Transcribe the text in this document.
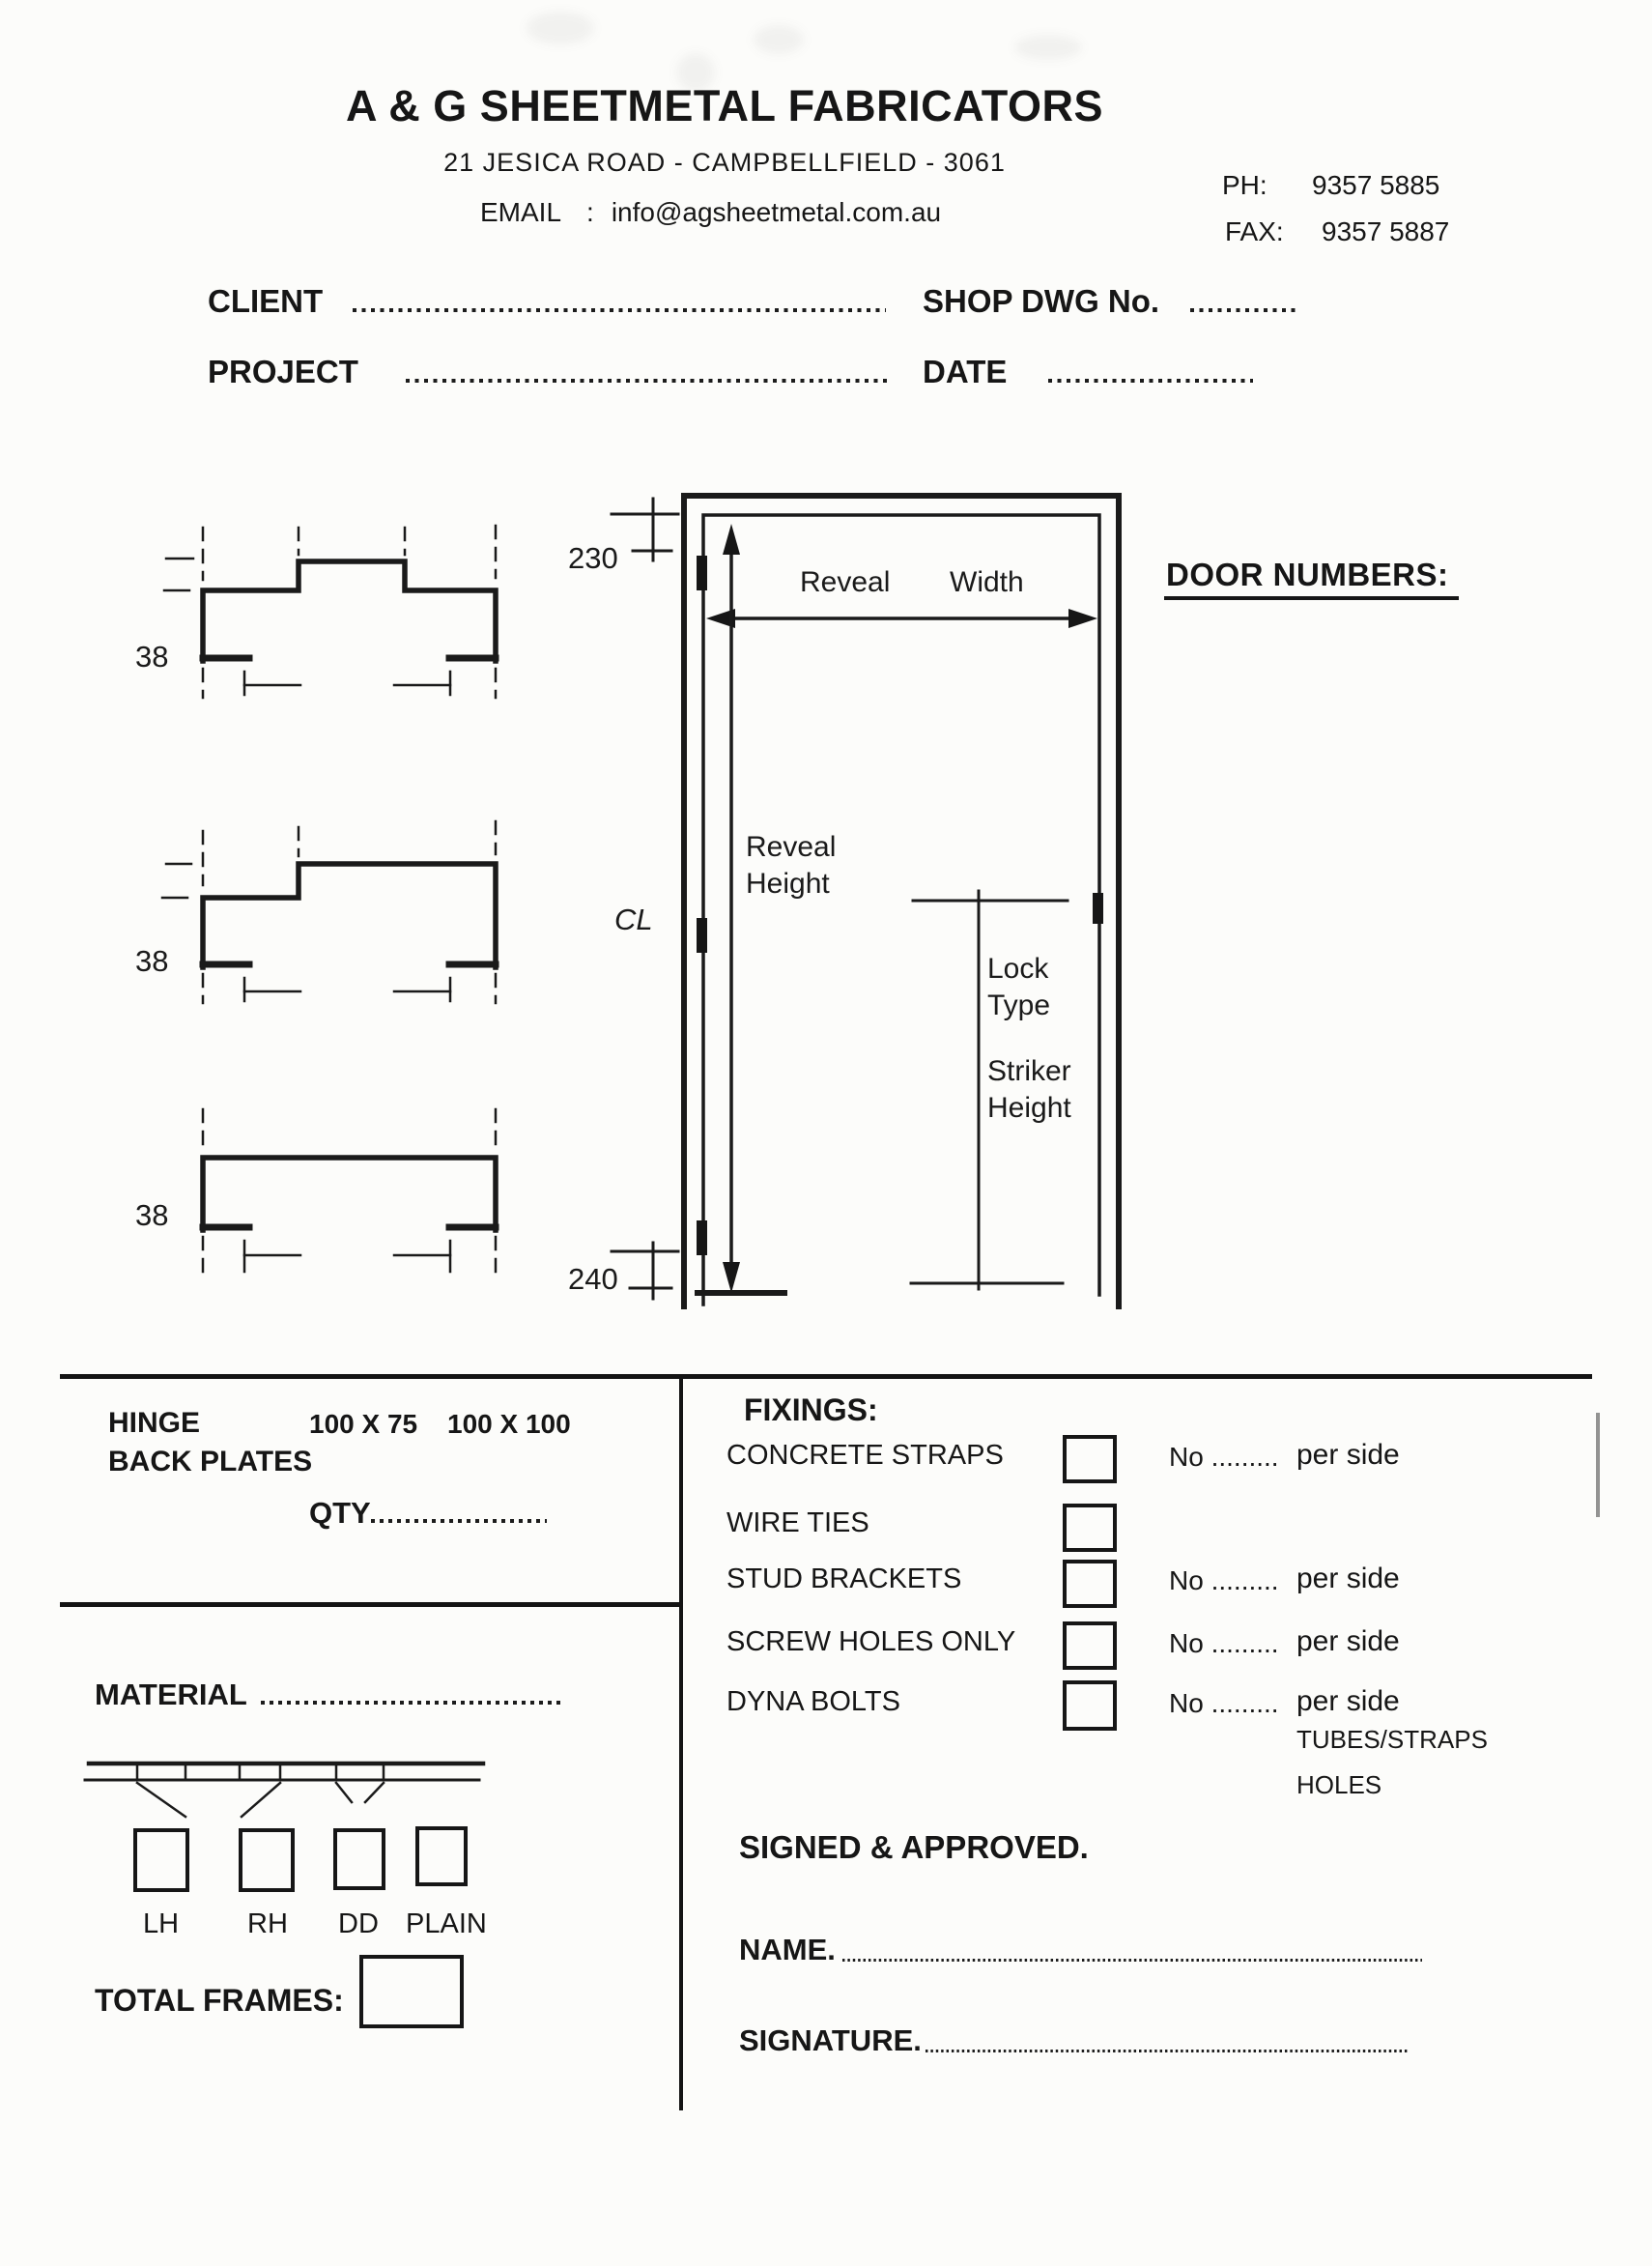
A & G SHEETMETAL FABRICATORS
21 JESICA ROAD - CAMPBELLFIELD - 3061
EMAIL : info@agsheetmetal.com.au
PH: 9357 5885
FAX: 9357 5887
CLIENT	SHOP DWG No.
PROJECT	DATE
38
38
38
230
240
Reveal Width
Reveal
Height
CL
Lock
Type
Striker
Height
DOOR NUMBERS:
HINGE	100 X 75 100 X 100
BACK PLATES
QTY
MATERIAL
LH RH DD PLAIN
TOTAL FRAMES:
FIXINGS:
CONCRETE STRAPS	No ......... per side
WIRE TIES
STUD BRACKETS	No ......... per side
SCREW HOLES ONLY	No ......... per side
DYNA BOLTS	No ......... per side
TUBES/STRAPS
HOLES
SIGNED & APPROVED.
NAME.
SIGNATURE.
